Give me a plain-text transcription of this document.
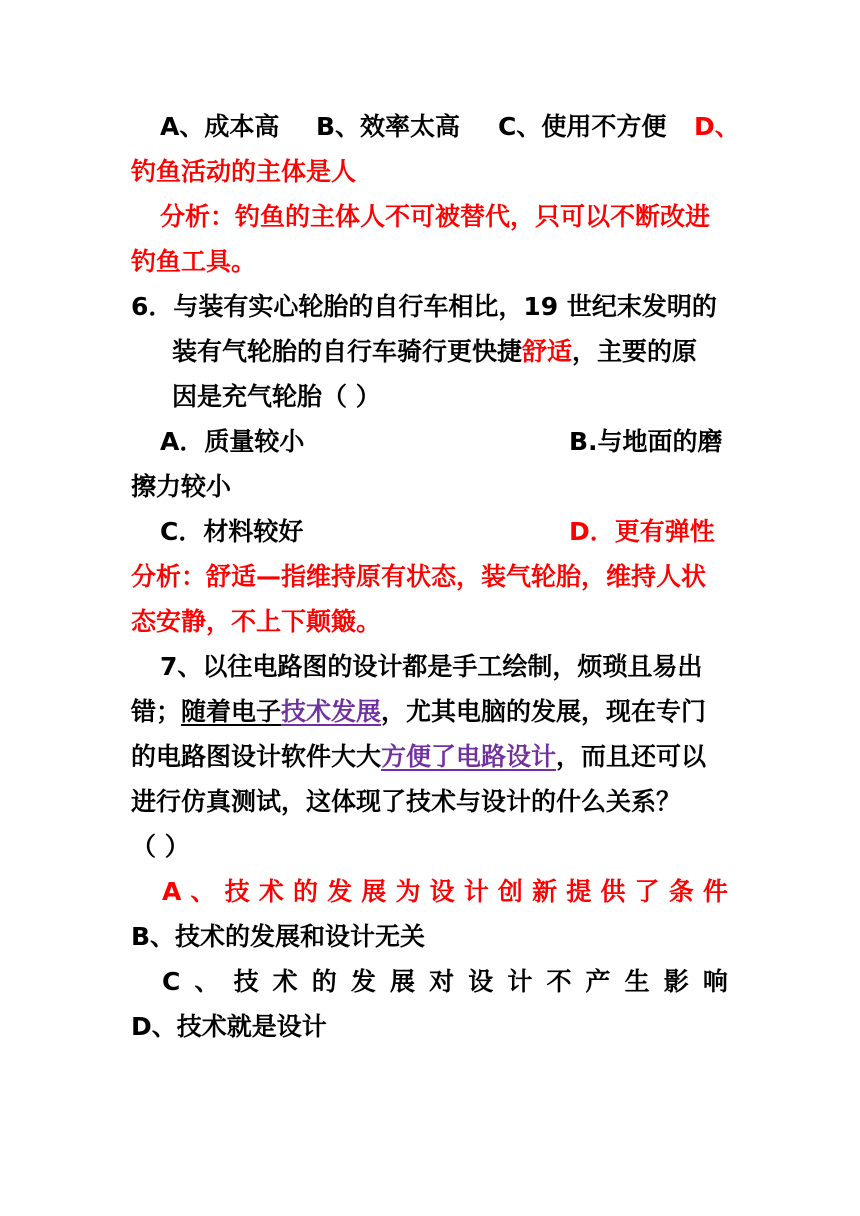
A、成本高 B、效率太高 C、使用不方便 D、
钓鱼活动的主体是人
分析：钓鱼的主体人不可被替代，只可以不断改进
钓鱼工具。
6．与装有实心轮胎的自行车相比，19 世纪末发明的
装有气轮胎的自行车骑行更快捷舒适，主要的原
因是充气轮胎（ ）
A．质量较小	B.与地面的磨
擦力较小
C．材料较好	D．更有弹性
分析：舒适—指维持原有状态，装气轮胎，维持人状
态安静，不上下颠簸。
7、以往电路图的设计都是手工绘制，烦琐且易出
错；随着电子技术发展，尤其电脑的发展，现在专门
的电路图设计软件大大方便了电路设计，而且还可以
进行仿真测试，这体现了技术与设计的什么关系？
（ ）
A 、 技 术 的 发 展 为 设 计 创 新 提 供 了 条 件
B、技术的发展和设计无关
C 、 技 术 的 发 展 对 设 计 不 产 生 影 响
D、技术就是设计
